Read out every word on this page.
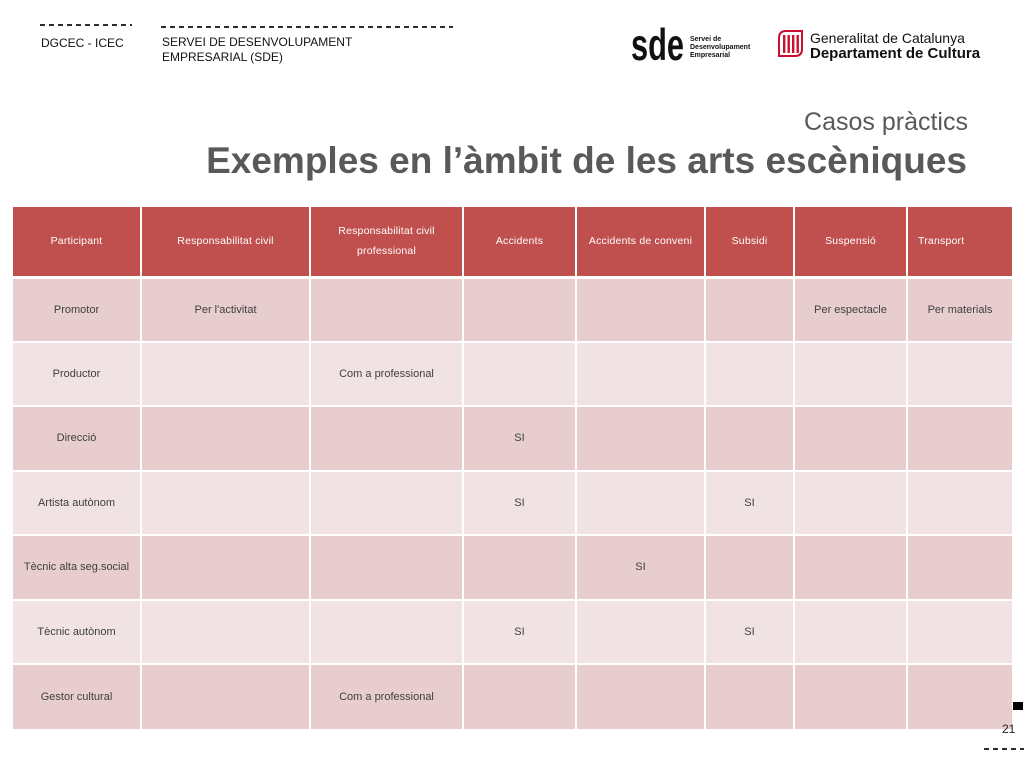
DGCEC - ICEC	SERVEI DE DESENVOLUPAMENT
EMPRESARIAL (SDE)	sde Servei de
Desenvolupament
Empresarial
Generalitat de Catalunya
Departament de Cultura
Casos pràctics
Exemples en l’àmbit de les arts escèniques
Participant	Responsabilitat civil	Responsabilitat civil professional	Accidents	Accidents de conveni	Subsidi	Suspensió	Transport
Promotor	Per l'activitat					Per espectacle	Per materials
Productor		Com a professional					
Direcció			SI				
Artista autònom			SI		SI		
Tècnic alta seg.social				SI			
Tècnic autònom			SI		SI		
Gestor cultural		Com a professional					
21
